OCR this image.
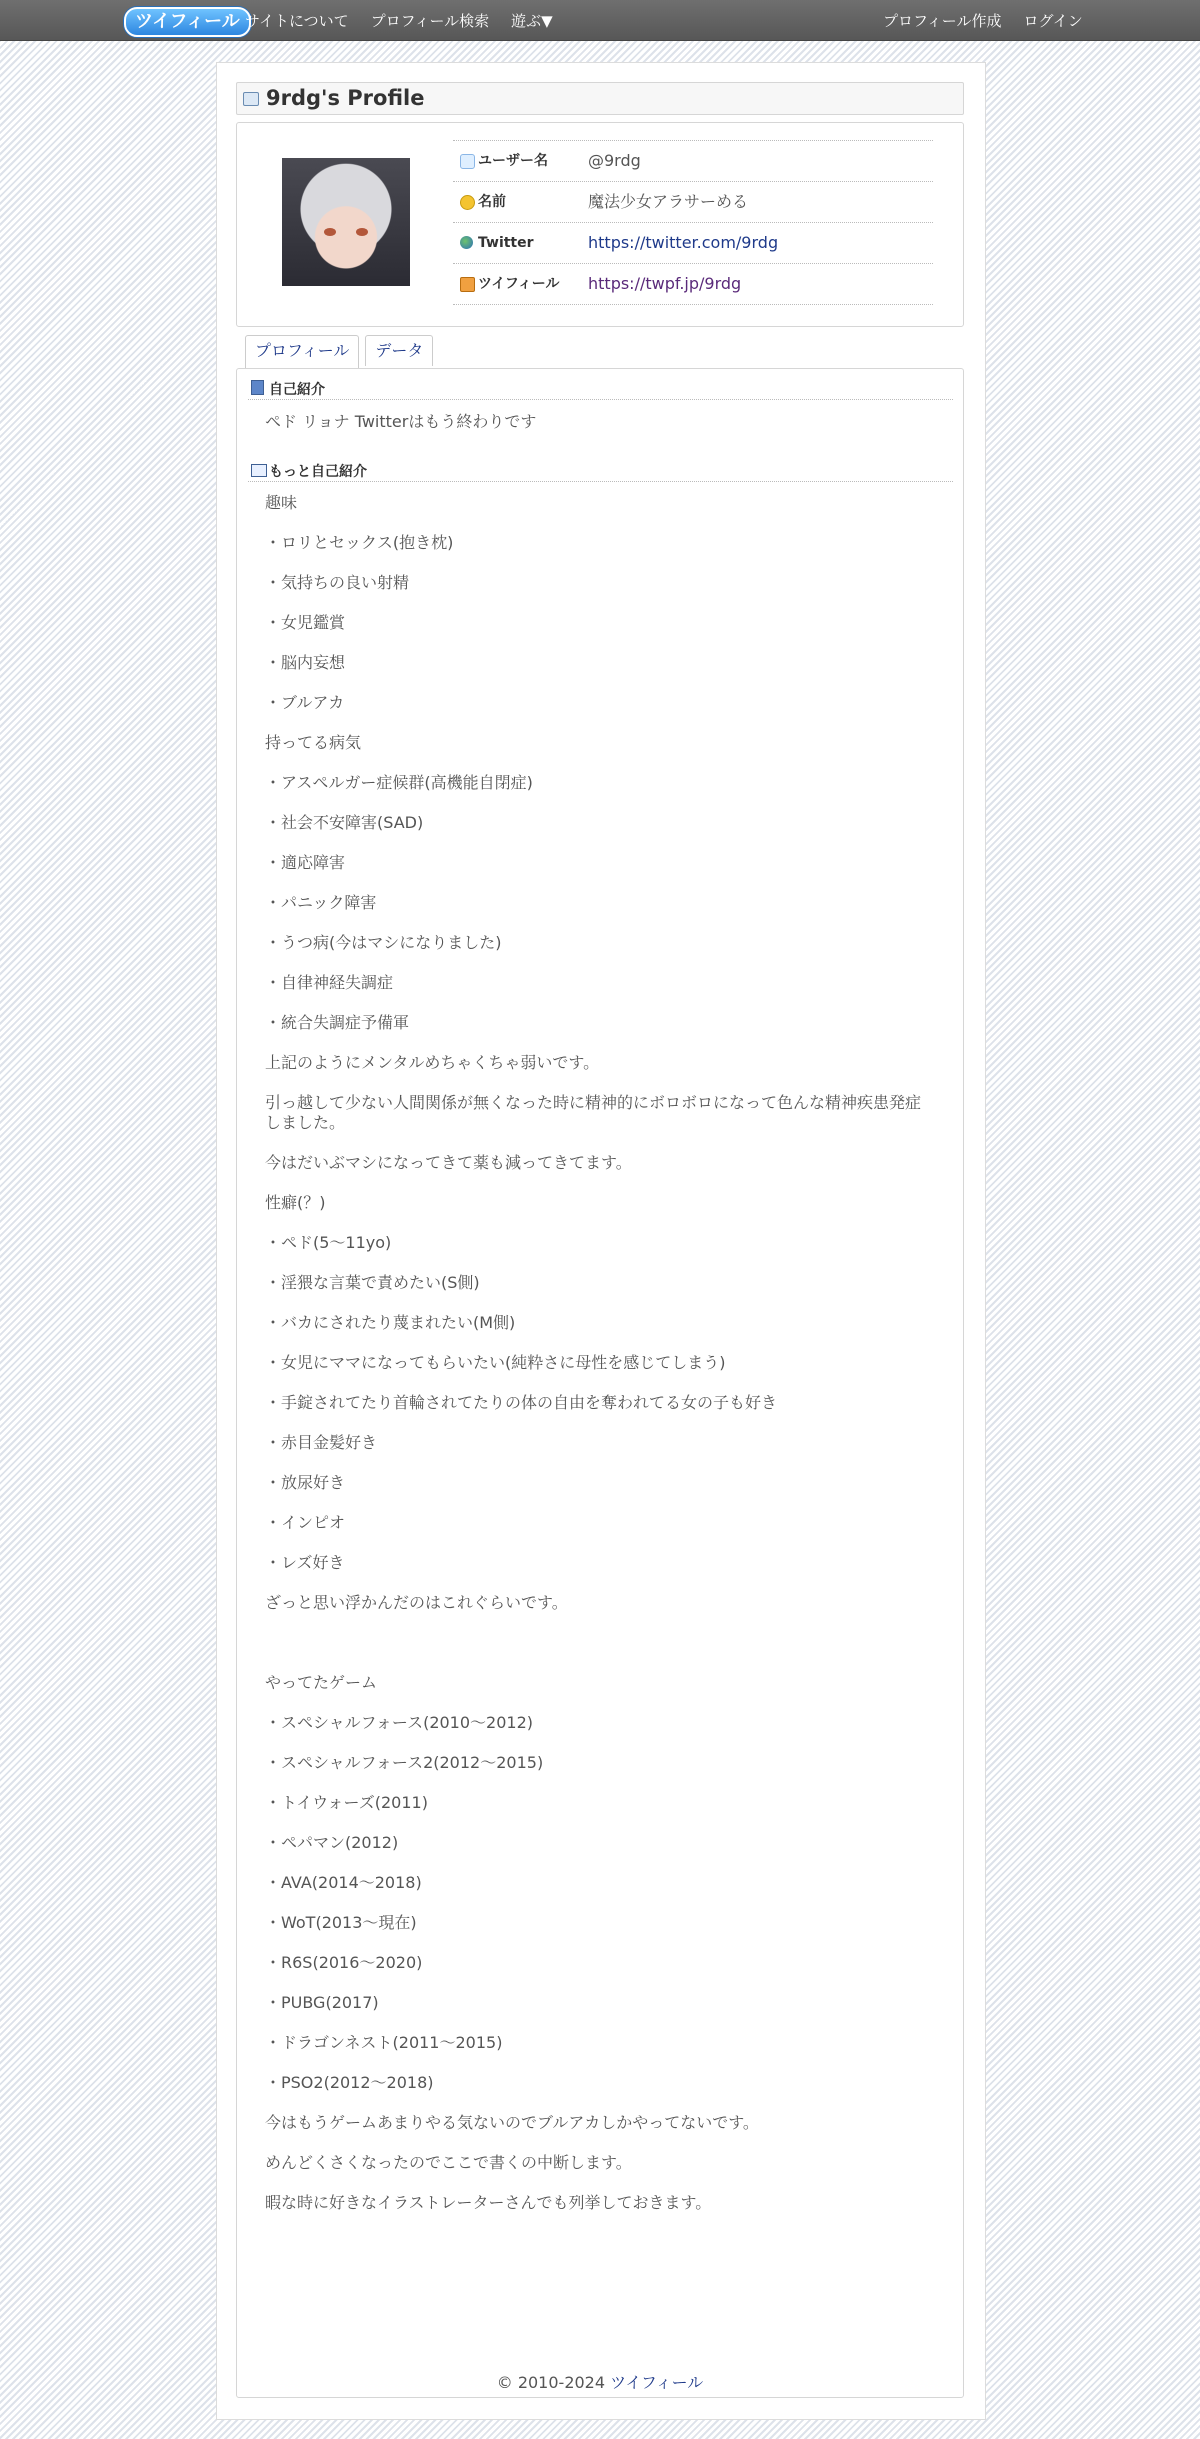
ツイフィール サイトについて プロフィール検索 遊ぶ▼	プロフィール作成 ログイン
9rdg's Profile
ユーザー名	@9rdg
名前	魔法少女アラサーめる
Twitter	https://twitter.com/9rdg
ツイフィール https://twpf.jp/9rdg
プロフィール	データ
自己紹介
ペド リョナ Twitterはもう終わりです
もっと自己紹介

趣味

・ロリとセックス(抱き枕)

・気持ちの良い射精

・女児鑑賞

・脳内妄想

・ブルアカ

持ってる病気

・アスペルガー症候群(高機能自閉症)

・社会不安障害(SAD)

・適応障害

・パニック障害

・うつ病(今はマシになりました)

・自律神経失調症

・統合失調症予備軍

上記のようにメンタルめちゃくちゃ弱いです。

引っ越して少ない人間関係が無くなった時に精神的にボロボロになって色んな精神疾患発症しました。

今はだいぶマシになってきて薬も減ってきてます。

性癖(？)

・ペド(5〜11yo)

・淫猥な言葉で責めたい(S側)

・バカにされたり蔑まれたい(M側)

・女児にママになってもらいたい(純粋さに母性を感じてしまう)

・手錠されてたり首輪されてたりの体の自由を奪われてる女の子も好き

・赤目金髪好き

・放尿好き

・インピオ

・レズ好き

ざっと思い浮かんだのはこれぐらいです。

やってたゲーム

・スペシャルフォース(2010〜2012)

・スペシャルフォース2(2012〜2015)

・トイウォーズ(2011)

・ペパマン(2012)

・AVA(2014〜2018)

・WoT(2013〜現在)

・R6S(2016〜2020)

・PUBG(2017)

・ドラゴンネスト(2011〜2015)

・PSO2(2012〜2018)

今はもうゲームあまりやる気ないのでブルアカしかやってないです。

めんどくさくなったのでここで書くの中断します。

暇な時に好きなイラストレーターさんでも列挙しておきます。

© 2010-2024 ツイフィール
